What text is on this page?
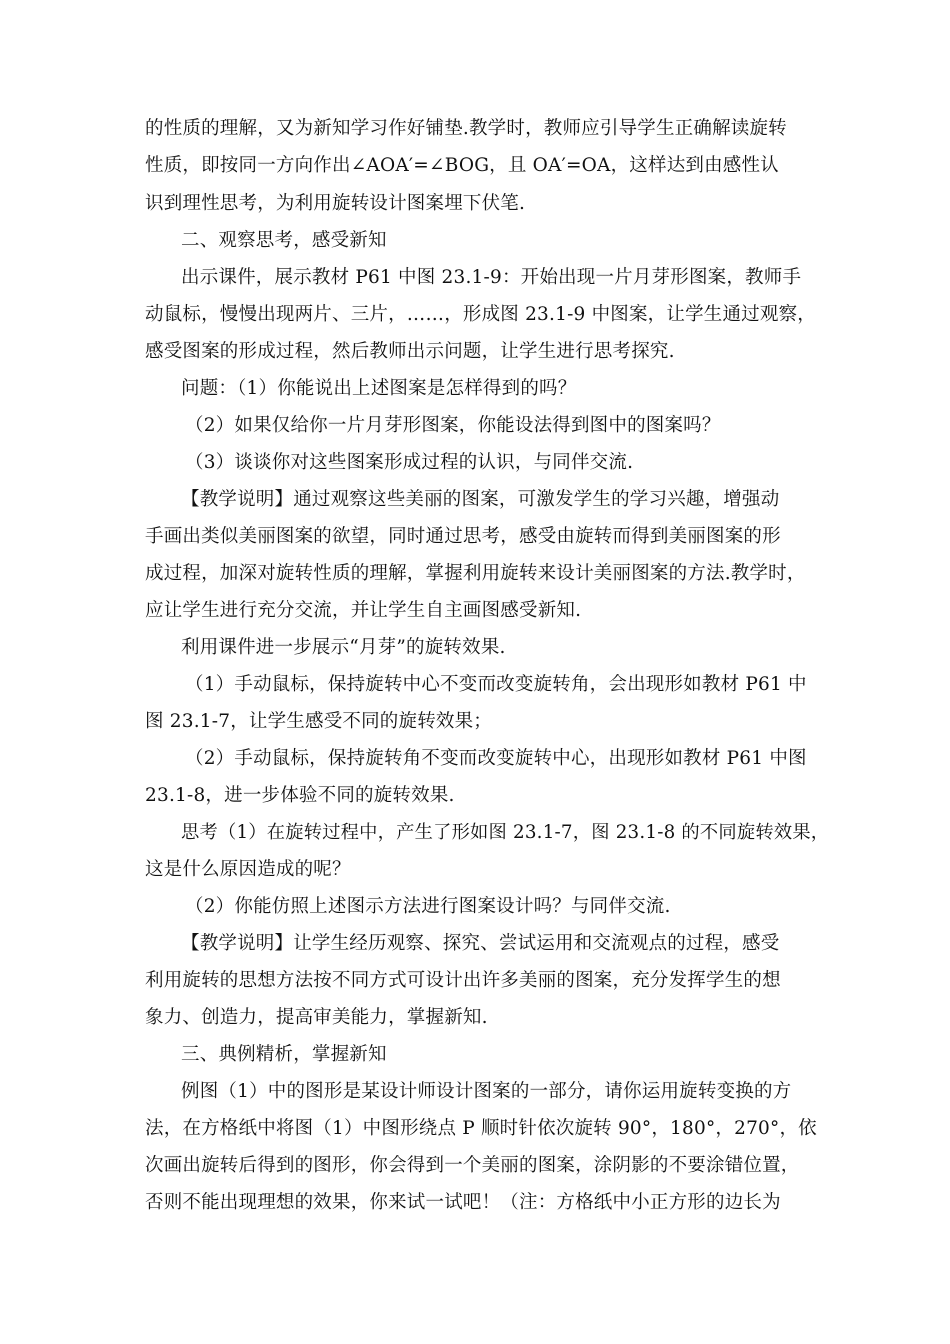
的性质的理解，又为新知学习作好铺垫.教学时，教师应引导学生正确解读旋转
性质，即按同一方向作出∠AOA′=∠BOG，且 OA′=OA，这样达到由感性认
识到理性思考，为利用旋转设计图案埋下伏笔.
二、观察思考，感受新知
出示课件，展示教材 P61 中图 23.1-9：开始出现一片月芽形图案，教师手
动鼠标，慢慢出现两片、三片，……，形成图 23.1-9 中图案，让学生通过观察，
感受图案的形成过程，然后教师出示问题，让学生进行思考探究.
问题：（1）你能说出上述图案是怎样得到的吗？
（2）如果仅给你一片月芽形图案，你能设法得到图中的图案吗？
（3）谈谈你对这些图案形成过程的认识，与同伴交流.
【教学说明】通过观察这些美丽的图案，可激发学生的学习兴趣，增强动
手画出类似美丽图案的欲望，同时通过思考，感受由旋转而得到美丽图案的形
成过程，加深对旋转性质的理解，掌握利用旋转来设计美丽图案的方法.教学时，
应让学生进行充分交流，并让学生自主画图感受新知.
利用课件进一步展示“月芽”的旋转效果.
（1）手动鼠标，保持旋转中心不变而改变旋转角，会出现形如教材 P61 中
图 23.1-7，让学生感受不同的旋转效果；
（2）手动鼠标，保持旋转角不变而改变旋转中心，出现形如教材 P61 中图
23.1-8，进一步体验不同的旋转效果.
思考（1）在旋转过程中，产生了形如图 23.1-7，图 23.1-8 的不同旋转效果，
这是什么原因造成的呢？
（2）你能仿照上述图示方法进行图案设计吗？与同伴交流.
【教学说明】让学生经历观察、探究、尝试运用和交流观点的过程，感受
利用旋转的思想方法按不同方式可设计出许多美丽的图案，充分发挥学生的想
象力、创造力，提高审美能力，掌握新知.
三、典例精析，掌握新知
例图（1）中的图形是某设计师设计图案的一部分，请你运用旋转变换的方
法，在方格纸中将图（1）中图形绕点 P 顺时针依次旋转 90°，180°，270°，依
次画出旋转后得到的图形，你会得到一个美丽的图案，涂阴影的不要涂错位置，
否则不能出现理想的效果，你来试一试吧！（注：方格纸中小正方形的边长为
